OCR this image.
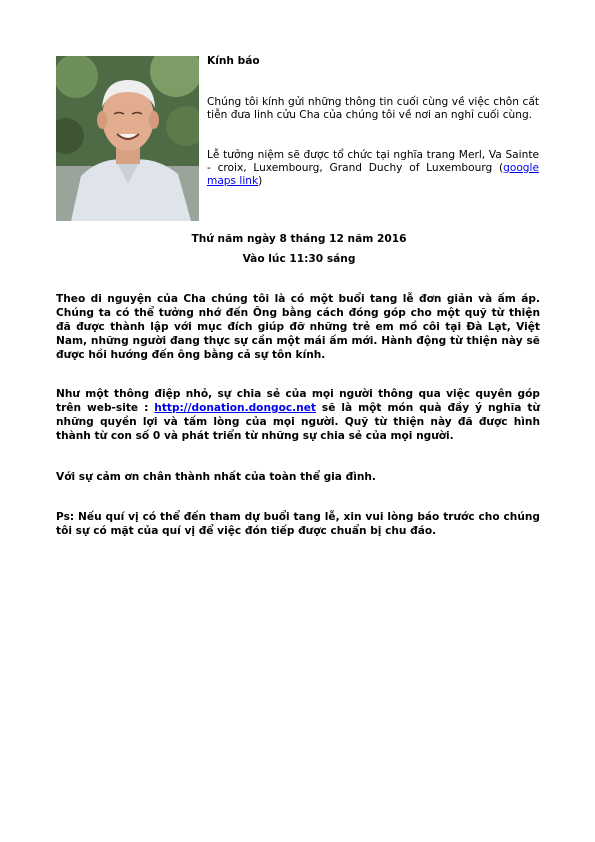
Kính báo

Chúng tôi kính gửi những thông tin cuối cùng về việc chôn cất tiễn đưa linh cửu Cha của chúng tôi về nơi an nghỉ cuối cùng.

Lễ tưởng niệm sẽ được tổ chức tại nghĩa trang Merl, Va Sainte - croix, Luxembourg, Grand Duchy of Luxembourg (google maps link)

Thứ năm ngày 8 tháng 12 năm 2016
Vào lúc 11:30 sáng

Theo di nguyện của Cha chúng tôi là có một buổi tang lễ đơn giản và ấm áp. Chúng ta có thể tưởng nhớ đến Ông bằng cách đóng góp cho một quỹ từ thiện đã được thành lập với mục đích giúp đỡ những trẻ em mồ côi tại Đà Lạt, Việt Nam, những người đang thực sự cần một mái ấm mới. Hành động từ thiện này sẽ được hồi hướng đến ông bằng cả sự tôn kính.

Như một thông điệp nhỏ, sự chia sẻ của mọi người thông qua việc quyên góp trên web-site : http://donation.dongoc.net sẽ là một món quà đầy ý nghĩa từ những quyền lợi và tấm lòng của mọi người. Quỹ từ thiện này đã được hình thành từ con số 0 và phát triển từ những sự chia sẻ của mọi người.

Với sự cảm ơn chân thành nhất của toàn thể gia đình.

Ps: Nếu quí vị có thể đến tham dự buổi tang lễ, xin vui lòng báo trước cho chúng tôi sự có mặt của quí vị để việc đón tiếp được chuẩn bị chu đáo.
